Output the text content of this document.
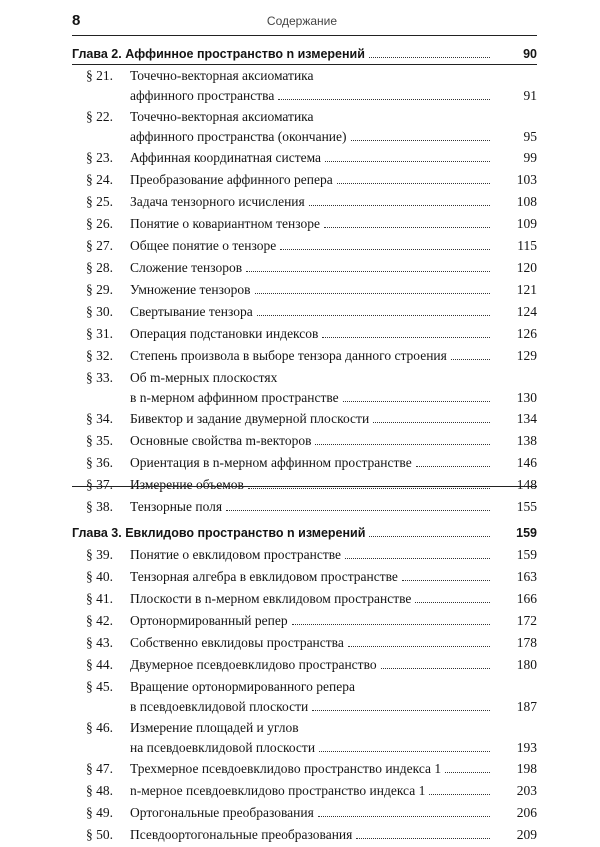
8	Содержание
Глава 2. Аффинное пространство n измерений	90
§ 21. Точечно-векторная аксиоматика
аффинного пространства	91
§ 22. Точечно-векторная аксиоматика
аффинного пространства (окончание)	95
§ 23. Аффинная координатная система	99
§ 24. Преобразование аффинного репера	103
§ 25. Задача тензорного исчисления	108
§ 26. Понятие о ковариантном тензоре	109
§ 27. Общее понятие о тензоре	115
§ 28. Сложение тензоров	120
§ 29. Умножение тензоров	121
§ 30. Свертывание тензора	124
§ 31. Операция подстановки индексов	126
§ 32. Степень произвола в выборе тензора данного строения	129
§ 33. Об m-мерных плоскостях
в n-мерном аффинном пространстве	130
§ 34. Бивектор и задание двумерной плоскости	134
§ 35. Основные свойства m-векторов	138
§ 36. Ориентация в n-мерном аффинном пространстве	146
§ 37. Измерение объемов	148
§ 38. Тензорные поля	155
Глава 3. Евклидово пространство n измерений	159
§ 39. Понятие о евклидовом пространстве	159
§ 40. Тензорная алгебра в евклидовом пространстве	163
§ 41. Плоскости в n-мерном евклидовом пространстве	166
§ 42. Ортонормированный репер	172
§ 43. Собственно евклидовы пространства	178
§ 44. Двумерное псевдоевклидово пространство	180
§ 45. Вращение ортонормированного репера
в псевдоевклидовой плоскости	187
§ 46. Измерение площадей и углов
на псевдоевклидовой плоскости	193
§ 47. Трехмерное псевдоевклидово пространство индекса 1	198
§ 48. n-мерное псевдоевклидово пространство индекса 1	203
§ 49. Ортогональные преобразования	206
§ 50. Псевдоортогональные преобразования	209
